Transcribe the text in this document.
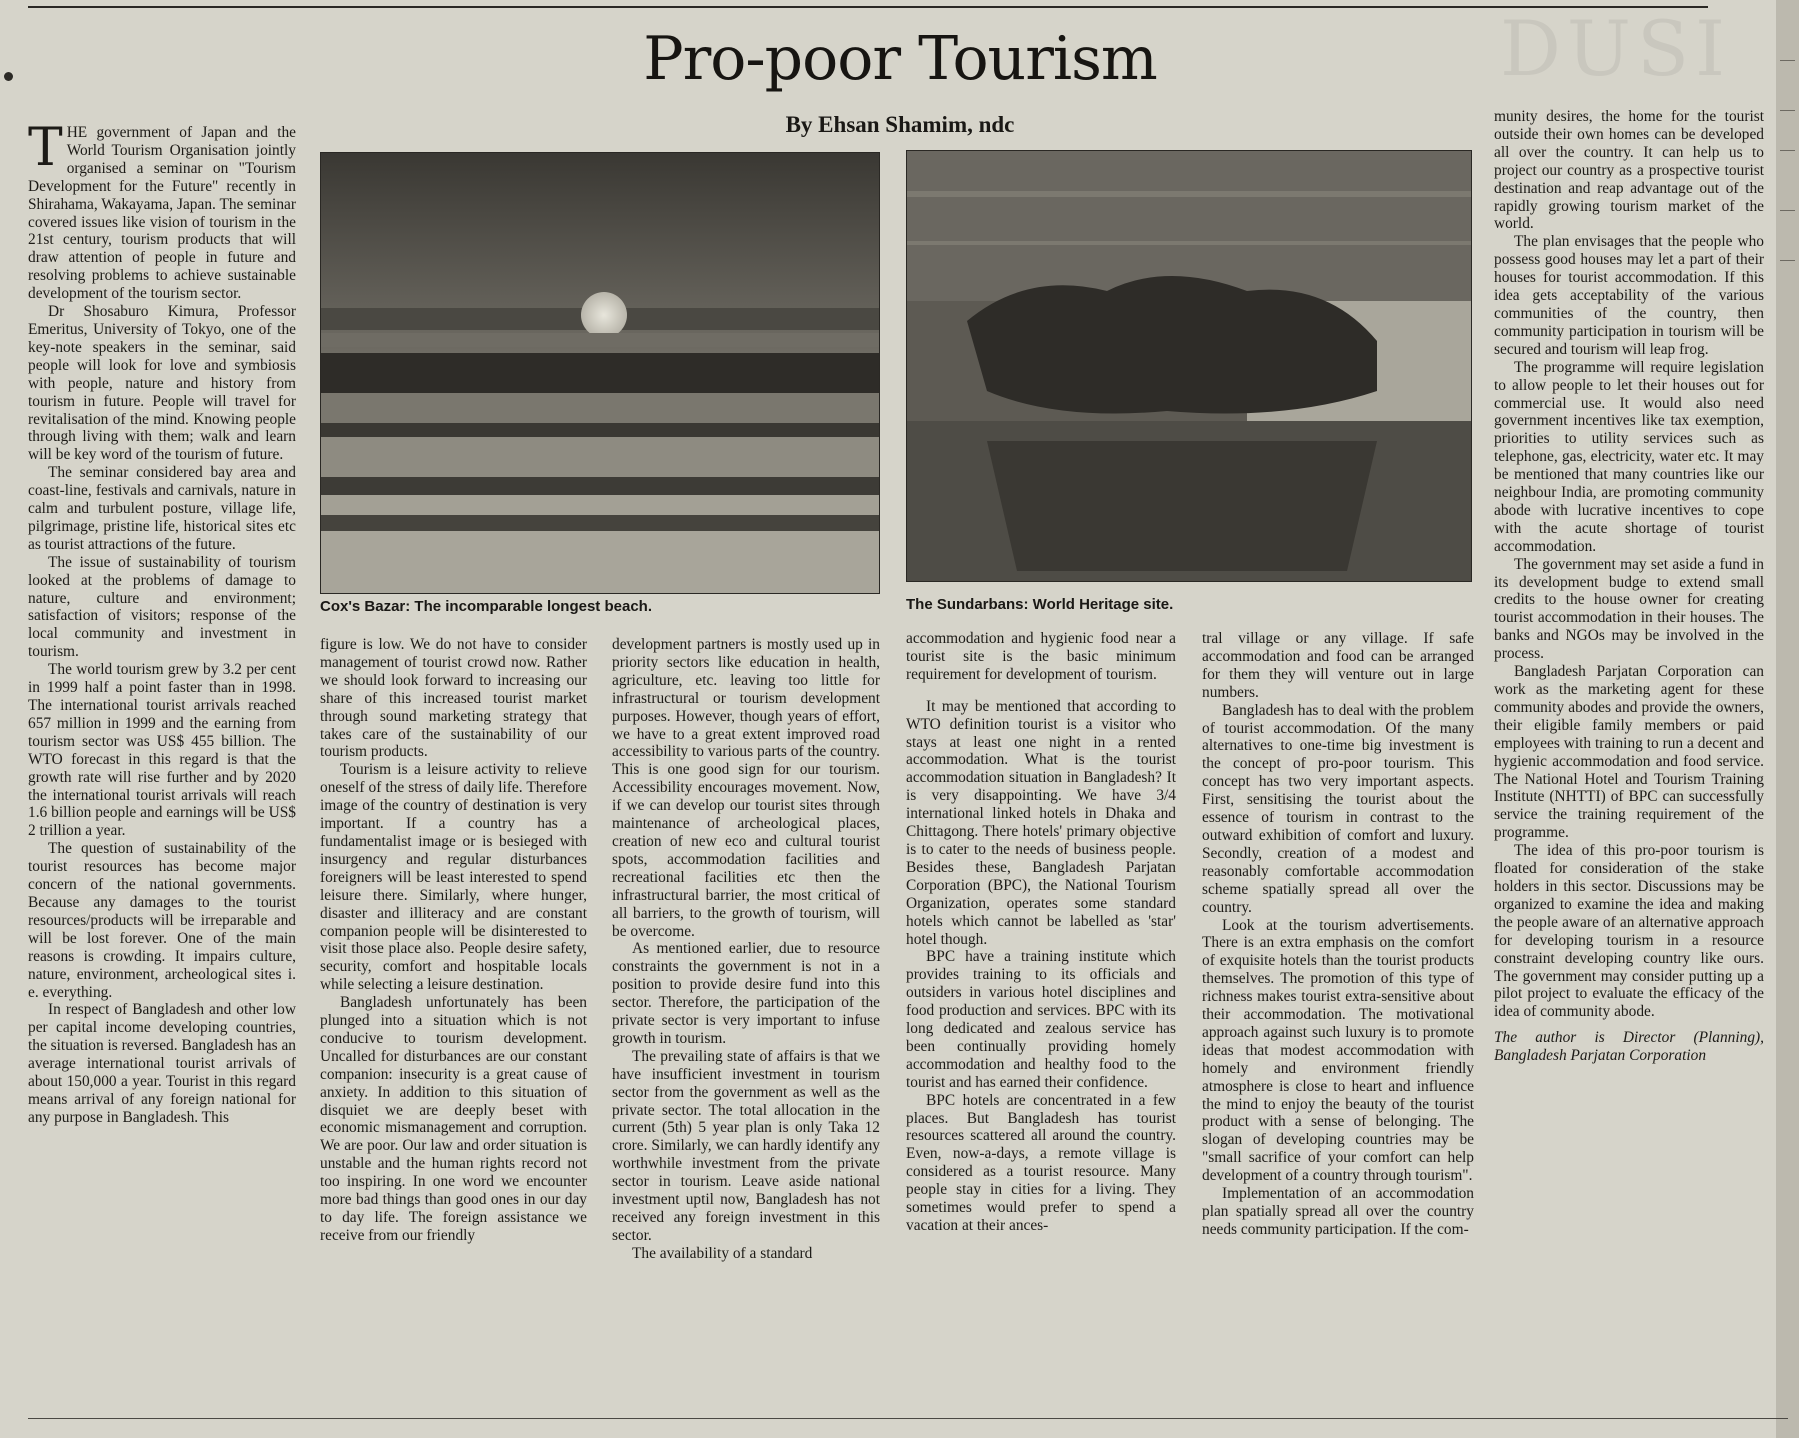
DUSI
Pro-poor Tourism
By Ehsan Shamim, ndc

THE government of Japan and the World Tourism Organisation jointly organised a seminar on "Tourism Development for the Future" recently in Shirahama, Wakayama, Japan. The seminar covered issues like vision of tourism in the 21st century, tourism products that will draw attention of people in future and resolving problems to achieve sustainable development of the tourism sector.

Dr Shosaburo Kimura, Professor Emeritus, University of Tokyo, one of the key-note speakers in the seminar, said people will look for love and symbiosis with people, nature and history from tourism in future. People will travel for revitalisation of the mind. Knowing people through living with them; walk and learn will be key word of the tourism of future.

The seminar considered bay area and coast-line, festivals and carnivals, nature in calm and turbulent posture, village life, pilgrimage, pristine life, historical sites etc as tourist attractions of the future.

The issue of sustainability of tourism looked at the problems of damage to nature, culture and environment; satisfaction of visitors; response of the local community and investment in tourism.

The world tourism grew by 3.2 per cent in 1999 half a point faster than in 1998. The international tourist arrivals reached 657 million in 1999 and the earning from tourism sector was US$ 455 billion. The WTO forecast in this regard is that the growth rate will rise further and by 2020 the international tourist arrivals will reach 1.6 billion people and earnings will be US$ 2 trillion a year.

The question of sustainability of the tourist resources has become major concern of the national governments. Because any damages to the tourist resources/products will be irreparable and will be lost forever. One of the main reasons is crowding. It impairs culture, nature, environment, archeological sites i. e. everything.

In respect of Bangladesh and other low per capital income developing countries, the situation is reversed. Bangladesh has an average international tourist arrivals of about 150,000 a year. Tourist in this regard means arrival of any foreign national for any purpose in Bangladesh. This

Cox's Bazar: The incomparable longest beach.	The Sundarbans: World Heritage site.

figure is low. We do not have to consider management of tourist crowd now. Rather we should look forward to increasing our share of this increased tourist market through sound marketing strategy that takes care of the sustainability of our tourism products.

Tourism is a leisure activity to relieve oneself of the stress of daily life. Therefore image of the country of destination is very important. If a country has a fundamentalist image or is besieged with insurgency and regular disturbances foreigners will be least interested to spend leisure there. Similarly, where hunger, disaster and illiteracy and are constant companion people will be disinterested to visit those place also. People desire safety, security, comfort and hospitable locals while selecting a leisure destination.

Bangladesh unfortunately has been plunged into a situation which is not conducive to tourism development. Uncalled for disturbances are our constant companion: insecurity is a great cause of anxiety. In addition to this situation of disquiet we are deeply beset with economic mismanagement and corruption. We are poor. Our law and order situation is unstable and the human rights record not too inspiring. In one word we encounter more bad things than good ones in our day to day life. The foreign assistance we receive from our friendly

development partners is mostly used up in priority sectors like education in health, agriculture, etc. leaving too little for infrastructural or tourism development purposes. However, though years of effort, we have to a great extent improved road accessibility to various parts of the country. This is one good sign for our tourism. Accessibility encourages movement. Now, if we can develop our tourist sites through maintenance of archeological places, creation of new eco and cultural tourist spots, accommodation facilities and recreational facilities etc then the infrastructural barrier, the most critical of all barriers, to the growth of tourism, will be overcome.

As mentioned earlier, due to resource constraints the government is not in a position to provide desire fund into this sector. Therefore, the participation of the private sector is very important to infuse growth in tourism.

The prevailing state of affairs is that we have insufficient investment in tourism sector from the government as well as the private sector. The total allocation in the current (5th) 5 year plan is only Taka 12 crore. Similarly, we can hardly identify any worthwhile investment from the private sector in tourism. Leave aside national investment uptil now, Bangladesh has not received any foreign investment in this sector.

The availability of a standard

accommodation and hygienic food near a tourist site is the basic minimum requirement for development of tourism.

It may be mentioned that according to WTO definition tourist is a visitor who stays at least one night in a rented accommodation. What is the tourist accommodation situation in Bangladesh? It is very disappointing. We have 3/4 international linked hotels in Dhaka and Chittagong. There hotels' primary objective is to cater to the needs of business people. Besides these, Bangladesh Parjatan Corporation (BPC), the National Tourism Organization, operates some standard hotels which cannot be labelled as 'star' hotel though.

BPC have a training institute which provides training to its officials and outsiders in various hotel disciplines and food production and services. BPC with its long dedicated and zealous service has been continually providing homely accommodation and healthy food to the tourist and has earned their confidence.

BPC hotels are concentrated in a few places. But Bangladesh has tourist resources scattered all around the country. Even, now-a-days, a remote village is considered as a tourist resource. Many people stay in cities for a living. They sometimes would prefer to spend a vacation at their ances-

tral village or any village. If safe accommodation and food can be arranged for them they will venture out in large numbers.

Bangladesh has to deal with the problem of tourist accommodation. Of the many alternatives to one-time big investment is the concept of pro-poor tourism. This concept has two very important aspects. First, sensitising the tourist about the essence of tourism in contrast to the outward exhibition of comfort and luxury. Secondly, creation of a modest and reasonably comfortable accommodation scheme spatially spread all over the country.

Look at the tourism advertisements. There is an extra emphasis on the comfort of exquisite hotels than the tourist products themselves. The promotion of this type of richness makes tourist extra-sensitive about their accommodation. The motivational approach against such luxury is to promote ideas that modest accommodation with homely and environment friendly atmosphere is close to heart and influence the mind to enjoy the beauty of the tourist product with a sense of belonging. The slogan of developing countries may be "small sacrifice of your comfort can help development of a country through tourism".

Implementation of an accommodation plan spatially spread all over the country needs community participation. If the com-

munity desires, the home for the tourist outside their own homes can be developed all over the country. It can help us to project our country as a prospective tourist destination and reap advantage out of the rapidly growing tourism market of the world.

The plan envisages that the people who possess good houses may let a part of their houses for tourist accommodation. If this idea gets acceptability of the various communities of the country, then community participation in tourism will be secured and tourism will leap frog.

The programme will require legislation to allow people to let their houses out for commercial use. It would also need government incentives like tax exemption, priorities to utility services such as telephone, gas, electricity, water etc. It may be mentioned that many countries like our neighbour India, are promoting community abode with lucrative incentives to cope with the acute shortage of tourist accommodation.

The government may set aside a fund in its development budge to extend small credits to the house owner for creating tourist accommodation in their houses. The banks and NGOs may be involved in the process.

Bangladesh Parjatan Corporation can work as the marketing agent for these community abodes and provide the owners, their eligible family members or paid employees with training to run a decent and hygienic accommodation and food service. The National Hotel and Tourism Training Institute (NHTTI) of BPC can successfully service the training requirement of the programme.

The idea of this pro-poor tourism is floated for consideration of the stake holders in this sector. Discussions may be organized to examine the idea and making the people aware of an alternative approach for developing tourism in a resource constraint developing country like ours. The government may consider putting up a pilot project to evaluate the efficacy of the idea of community abode.

The author is Director (Planning), Bangladesh Parjatan Corporation
